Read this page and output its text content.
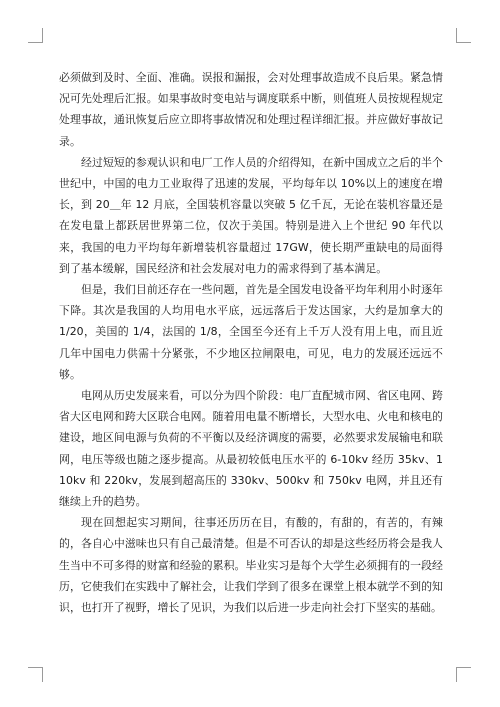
必须做到及时、全面、准确。误报和漏报，会对处理事故造成不良后果。紧急情况可先处理后汇报。如果事故时变电站与调度联系中断，则值班人员按规程规定处理事故，通讯恢复后应立即将事故情况和处理过程详细汇报。并应做好事故记录。

经过短短的参观认识和电厂工作人员的介绍得知，在新中国成立之后的半个世纪中，中国的电力工业取得了迅速的发展，平均每年以 10%以上的速度在增长，到 20＿年 12 月底，全国装机容量以突破 5 亿千瓦，无论在装机容量还是在发电量上都跃居世界第二位，仅次于美国。特别是进入上个世纪 90 年代以来，我国的电力平均每年新增装机容量超过 17GW，使长期严重缺电的局面得到了基本缓解，国民经济和社会发展对电力的需求得到了基本满足。

但是，我们目前还存在一些问题，首先是全国发电设备平均年利用小时逐年下降。其次是我国的人均用电水平底，远远落后于发达国家，大约是加拿大的 1/20，美国的 1/4，法国的 1/8，全国至今还有上千万人没有用上电，而且近几年中国电力供需十分紧张，不少地区拉闸限电，可见，电力的发展还远远不够。

电网从历史发展来看，可以分为四个阶段：电厂直配城市网、省区电网、跨省大区电网和跨大区联合电网。随着用电量不断增长，大型水电、火电和核电的建设，地区间电源与负荷的不平衡以及经济调度的需要，必然要求发展输电和联网，电压等级也随之逐步提高。从最初较低电压水平的 6-10kv 经历 35kv、110kv 和 220kv，发展到超高压的 330kv、500kv 和 750kv 电网，并且还有继续上升的趋势。

现在回想起实习期间，往事还历历在目，有酸的，有甜的，有苦的，有辣的，各自心中滋味也只有自己最清楚。但是不可否认的却是这些经历将会是我人生当中不可多得的财富和经验的累积。毕业实习是每个大学生必须拥有的一段经历，它使我们在实践中了解社会，让我们学到了很多在课堂上根本就学不到的知识，也打开了视野，增长了见识，为我们以后进一步走向社会打下坚实的基础。
